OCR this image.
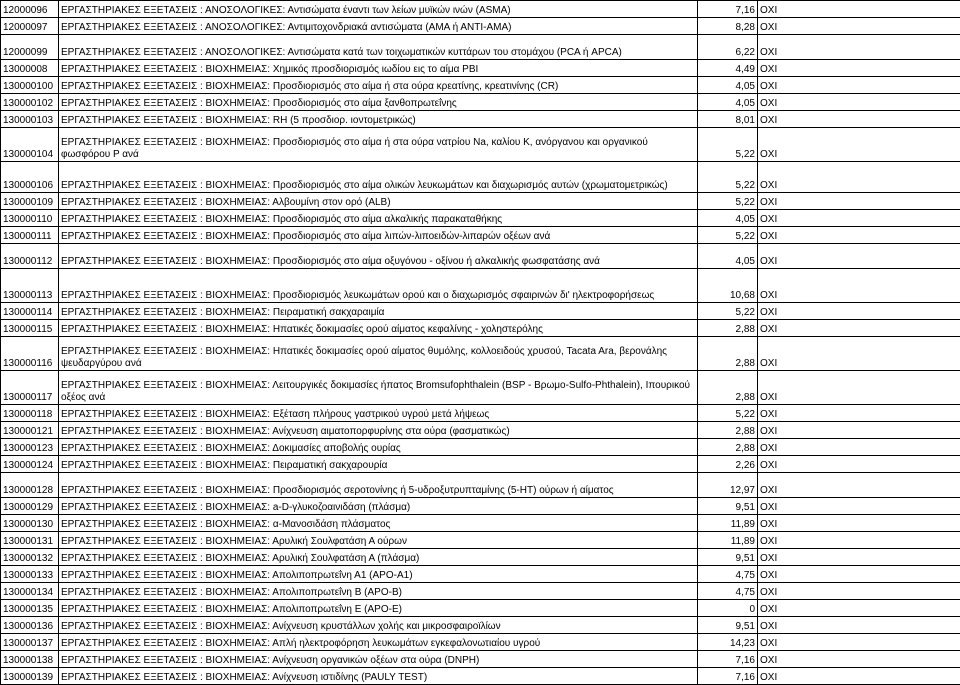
12000096	ΕΡΓΑΣΤΗΡΙΑΚΕΣ ΕΞΕΤΑΣΕΙΣ : ΑΝΟΣΟΛΟΓΙΚΕΣ: Αντισώματα έναντι των λείων μυϊκών ινών (ASMA)	7,16	ΟΧΙ
12000097	ΕΡΓΑΣΤΗΡΙΑΚΕΣ ΕΞΕΤΑΣΕΙΣ : ΑΝΟΣΟΛΟΓΙΚΕΣ: Αντιμιτοχονδριακά αντισώματα (ΑΜΑ ή ΑΝΤΙ-ΑΜΑ)	8,28	ΟΧΙ
12000099	ΕΡΓΑΣΤΗΡΙΑΚΕΣ ΕΞΕΤΑΣΕΙΣ : ΑΝΟΣΟΛΟΓΙΚΕΣ: Αντισώματα κατά των τοιχωματικών κυττάρων του στομάχου (PCA ή APCA)	6,22	ΟΧΙ
13000008	ΕΡΓΑΣΤΗΡΙΑΚΕΣ ΕΞΕΤΑΣΕΙΣ : ΒΙΟΧΗΜΕΙΑΣ: Χημικός προσδιορισμός ιωδίου εις το αίμα PBI	4,49	ΟΧΙ
130000100	ΕΡΓΑΣΤΗΡΙΑΚΕΣ ΕΞΕΤΑΣΕΙΣ : ΒΙΟΧΗΜΕΙΑΣ: Προσδιορισμός στο αίμα ή στα ούρα κρεατίνης, κρεατινίνης (CR)	4,05	ΟΧΙ
130000102	ΕΡΓΑΣΤΗΡΙΑΚΕΣ ΕΞΕΤΑΣΕΙΣ : ΒΙΟΧΗΜΕΙΑΣ: Προσδιορισμός στο αίμα ξανθοπρωτεΐνης	4,05	ΟΧΙ
130000103	ΕΡΓΑΣΤΗΡΙΑΚΕΣ ΕΞΕΤΑΣΕΙΣ : ΒΙΟΧΗΜΕΙΑΣ: RH (5 προσδιορ. ιοντομετρικώς)	8,01	ΟΧΙ
130000104	ΕΡΓΑΣΤΗΡΙΑΚΕΣ ΕΞΕΤΑΣΕΙΣ : ΒΙΟΧΗΜΕΙΑΣ: Προσδιορισμός στο αίμα ή στα ούρα νατρίου Na, καλίου Κ, ανόργανου και οργανικού φωσφόρου Ρ ανά	5,22	ΟΧΙ
130000106	ΕΡΓΑΣΤΗΡΙΑΚΕΣ ΕΞΕΤΑΣΕΙΣ : ΒΙΟΧΗΜΕΙΑΣ: Προσδιορισμός στο αίμα ολικών λευκωμάτων και διαχωρισμός αυτών (χρωματομετρικώς)	5,22	ΟΧΙ
130000109	ΕΡΓΑΣΤΗΡΙΑΚΕΣ ΕΞΕΤΑΣΕΙΣ : ΒΙΟΧΗΜΕΙΑΣ: Αλβουμίνη στον ορό (ALB)	5,22	ΟΧΙ
130000110	ΕΡΓΑΣΤΗΡΙΑΚΕΣ ΕΞΕΤΑΣΕΙΣ : ΒΙΟΧΗΜΕΙΑΣ: Προσδιορισμός στο αίμα αλκαλικής παρακαταθήκης	4,05	ΟΧΙ
130000111	ΕΡΓΑΣΤΗΡΙΑΚΕΣ ΕΞΕΤΑΣΕΙΣ : ΒΙΟΧΗΜΕΙΑΣ: Προσδιορισμός στο αίμα λιπών-λιποειδών-λιπαρών οξέων ανά	5,22	ΟΧΙ
130000112	ΕΡΓΑΣΤΗΡΙΑΚΕΣ ΕΞΕΤΑΣΕΙΣ : ΒΙΟΧΗΜΕΙΑΣ: Προσδιορισμός στο αίμα οξυγόνου - οξίνου ή αλκαλικής φωσφατάσης ανά	4,05	ΟΧΙ
130000113	ΕΡΓΑΣΤΗΡΙΑΚΕΣ ΕΞΕΤΑΣΕΙΣ : ΒΙΟΧΗΜΕΙΑΣ: Προσδιορισμός λευκωμάτων ορού και ο διαχωρισμός σφαιρινών δι' ηλεκτροφορήσεως	10,68	ΟΧΙ
130000114	ΕΡΓΑΣΤΗΡΙΑΚΕΣ ΕΞΕΤΑΣΕΙΣ : ΒΙΟΧΗΜΕΙΑΣ: Πειραματική σακχαραιμία	5,22	ΟΧΙ
130000115	ΕΡΓΑΣΤΗΡΙΑΚΕΣ ΕΞΕΤΑΣΕΙΣ : ΒΙΟΧΗΜΕΙΑΣ: Ηπατικές δοκιμασίες ορού αίματος κεφαλίνης - χοληστερόλης	2,88	ΟΧΙ
130000116	ΕΡΓΑΣΤΗΡΙΑΚΕΣ ΕΞΕΤΑΣΕΙΣ : ΒΙΟΧΗΜΕΙΑΣ: Ηπατικές δοκιμασίες ορού αίματος θυμόλης, κολλοειδούς χρυσού, Tacata Ara, βερονάλης ψευδαργύρου ανά	2,88	ΟΧΙ
130000117	ΕΡΓΑΣΤΗΡΙΑΚΕΣ ΕΞΕΤΑΣΕΙΣ : ΒΙΟΧΗΜΕΙΑΣ: Λειτουργικές δοκιμασίες ήπατος Bromsufophthalein (BSP - Βρωμο-Sulfo-Phthalein), Ιπουρικού οξέος ανά	2,88	ΟΧΙ
130000118	ΕΡΓΑΣΤΗΡΙΑΚΕΣ ΕΞΕΤΑΣΕΙΣ : ΒΙΟΧΗΜΕΙΑΣ: Εξέταση πλήρους γαστρικού υγρού μετά λήψεως	5,22	ΟΧΙ
130000121	ΕΡΓΑΣΤΗΡΙΑΚΕΣ ΕΞΕΤΑΣΕΙΣ : ΒΙΟΧΗΜΕΙΑΣ: Ανίχνευση αιματοπορφυρίνης στα ούρα (φασματικώς)	2,88	ΟΧΙ
130000123	ΕΡΓΑΣΤΗΡΙΑΚΕΣ ΕΞΕΤΑΣΕΙΣ : ΒΙΟΧΗΜΕΙΑΣ: Δοκιμασίες αποβολής ουρίας	2,88	ΟΧΙ
130000124	ΕΡΓΑΣΤΗΡΙΑΚΕΣ ΕΞΕΤΑΣΕΙΣ : ΒΙΟΧΗΜΕΙΑΣ: Πειραματική σακχαρουρία	2,26	ΟΧΙ
130000128	ΕΡΓΑΣΤΗΡΙΑΚΕΣ ΕΞΕΤΑΣΕΙΣ : ΒΙΟΧΗΜΕΙΑΣ: Προσδιορισμός σεροτονίνης ή 5-υδροξυτρυπταμίνης (5-ΗΤ) ούρων ή αίματος	12,97	ΟΧΙ
130000129	ΕΡΓΑΣΤΗΡΙΑΚΕΣ ΕΞΕΤΑΣΕΙΣ : ΒΙΟΧΗΜΕΙΑΣ: a-D-γλυκοζοαινιδάση (πλάσμα)	9,51	ΟΧΙ
130000130	ΕΡΓΑΣΤΗΡΙΑΚΕΣ ΕΞΕΤΑΣΕΙΣ : ΒΙΟΧΗΜΕΙΑΣ: α-Μανοσιδάση πλάσματος	11,89	ΟΧΙ
130000131	ΕΡΓΑΣΤΗΡΙΑΚΕΣ ΕΞΕΤΑΣΕΙΣ : ΒΙΟΧΗΜΕΙΑΣ: Αρυλική Σουλφατάση Α ούρων	11,89	ΟΧΙ
130000132	ΕΡΓΑΣΤΗΡΙΑΚΕΣ ΕΞΕΤΑΣΕΙΣ : ΒΙΟΧΗΜΕΙΑΣ: Αρυλική Σουλφατάση Α (πλάσμα)	9,51	ΟΧΙ
130000133	ΕΡΓΑΣΤΗΡΙΑΚΕΣ ΕΞΕΤΑΣΕΙΣ : ΒΙΟΧΗΜΕΙΑΣ: Απολιποπρωτεΐνη Α1 (APO-A1)	4,75	ΟΧΙ
130000134	ΕΡΓΑΣΤΗΡΙΑΚΕΣ ΕΞΕΤΑΣΕΙΣ : ΒΙΟΧΗΜΕΙΑΣ: Απολιποπρωτεΐνη Β (APO-B)	4,75	ΟΧΙ
130000135	ΕΡΓΑΣΤΗΡΙΑΚΕΣ ΕΞΕΤΑΣΕΙΣ : ΒΙΟΧΗΜΕΙΑΣ: Απολιποπρωτεΐνη Ε (APO-E)	0	ΟΧΙ
130000136	ΕΡΓΑΣΤΗΡΙΑΚΕΣ ΕΞΕΤΑΣΕΙΣ : ΒΙΟΧΗΜΕΙΑΣ: Ανίχνευση κρυστάλλων χολής και μικροσφαιροϊλίων	9,51	ΟΧΙ
130000137	ΕΡΓΑΣΤΗΡΙΑΚΕΣ ΕΞΕΤΑΣΕΙΣ : ΒΙΟΧΗΜΕΙΑΣ: Απλή ηλεκτροφόρηση λευκωμάτων εγκεφαλονωτιαίου υγρού	14,23	ΟΧΙ
130000138	ΕΡΓΑΣΤΗΡΙΑΚΕΣ ΕΞΕΤΑΣΕΙΣ : ΒΙΟΧΗΜΕΙΑΣ: Ανίχνευση οργανικών οξέων στα ούρα (DNPH)	7,16	ΟΧΙ
130000139	ΕΡΓΑΣΤΗΡΙΑΚΕΣ ΕΞΕΤΑΣΕΙΣ : ΒΙΟΧΗΜΕΙΑΣ: Ανίχνευση ιστιδίνης (PAULY TEST)	7,16	ΟΧΙ
